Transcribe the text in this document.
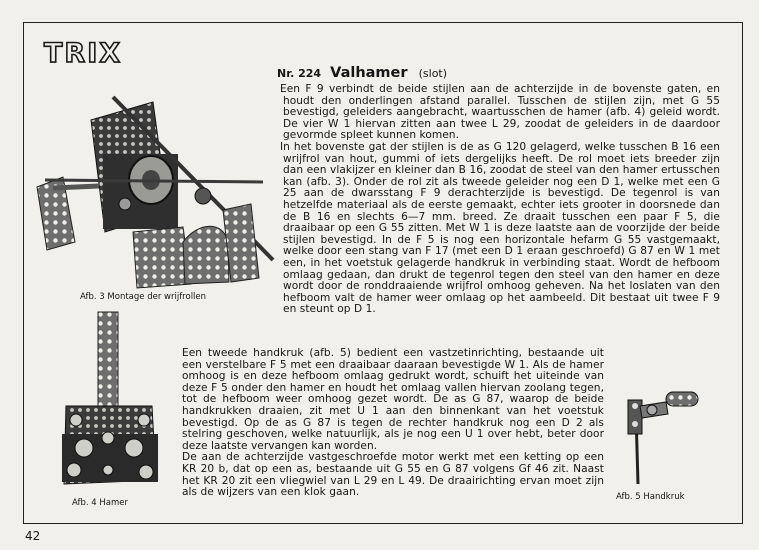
TRIX
Nr. 224 Valhamer (slot)
Afb. 3 Montage der wrijfrollen
Afb. 4 Hamer
Afb. 5 Handkruk

Een F 9 verbindt de beide stijlen aan de achterzijde in de bovenste gaten, en houdt den onderlingen afstand parallel. Tusschen de stijlen zijn, met G 55 bevestigd, geleiders aangebracht, waartusschen de hamer (afb. 4) geleid wordt. De vier W 1 hiervan zitten aan twee L 29, zoodat de geleiders in de daardoor gevormde spleet kunnen komen.

In het bovenste gat der stijlen is de as G 120 gelagerd, welke tusschen B 16 een wrijfrol van hout, gummi of iets dergelijks heeft. De rol moet iets breeder zijn dan een vlakijzer en kleiner dan B 16, zoodat de steel van den hamer ertusschen kan (afb. 3). Onder de rol zit als tweede geleider nog een D 1, welke met een G 25 aan de dwarsstang F 9 derachterzijde is bevestigd. De tegenrol is van hetzelfde materiaal als de eerste gemaakt, echter iets grooter in doorsnede dan de B 16 en slechts 6—7 mm. breed. Ze draait tusschen een paar F 5, die draaibaar op een G 55 zitten. Met W 1 is deze laatste aan de voorzijde der beide stijlen bevestigd. In de F 5 is nog een horizontale hefarm G 55 vastgemaakt, welke door een stang van F 17 (met een D 1 eraan geschroefd) G 87 en W 1 met een, in het voetstuk gelagerde handkruk in verbinding staat. Wordt de hefboom omlaag gedaan, dan drukt de tegenrol tegen den steel van den hamer en deze wordt door de ronddraaiende wrijfrol omhoog geheven. Na het loslaten van den hefboom valt de hamer weer omlaag op het aambeeld. Dit bestaat uit twee F 9 en steunt op D 1.

Een tweede handkruk (afb. 5) bedient een vastzetinrichting, bestaande uit een verstelbare F 5 met een draaibaar daaraan bevestigde W 1. Als de hamer omhoog is en deze hefboom omlaag gedrukt wordt, schuift het uiteinde van deze F 5 onder den hamer en houdt het omlaag vallen hiervan zoolang tegen, tot de hefboom weer omhoog gezet wordt. De as G 87, waarop de beide handkrukken draaien, zit met U 1 aan den binnenkant van het voetstuk bevestigd. Op de as G 87 is tegen de rechter handkruk nog een D 2 als stelring geschoven, welke natuurlijk, als je nog een U 1 over hebt, beter door deze laatste vervangen kan worden.

De aan de achterzijde vastgeschroefde motor werkt met een ketting op een KR 20 b, dat op een as, bestaande uit G 55 en G 87 volgens Gf 46 zit. Naast het KR 20 zit een vliegwiel van L 29 en L 49. De draairichting ervan moet zijn als de wijzers van een klok gaan.

42
